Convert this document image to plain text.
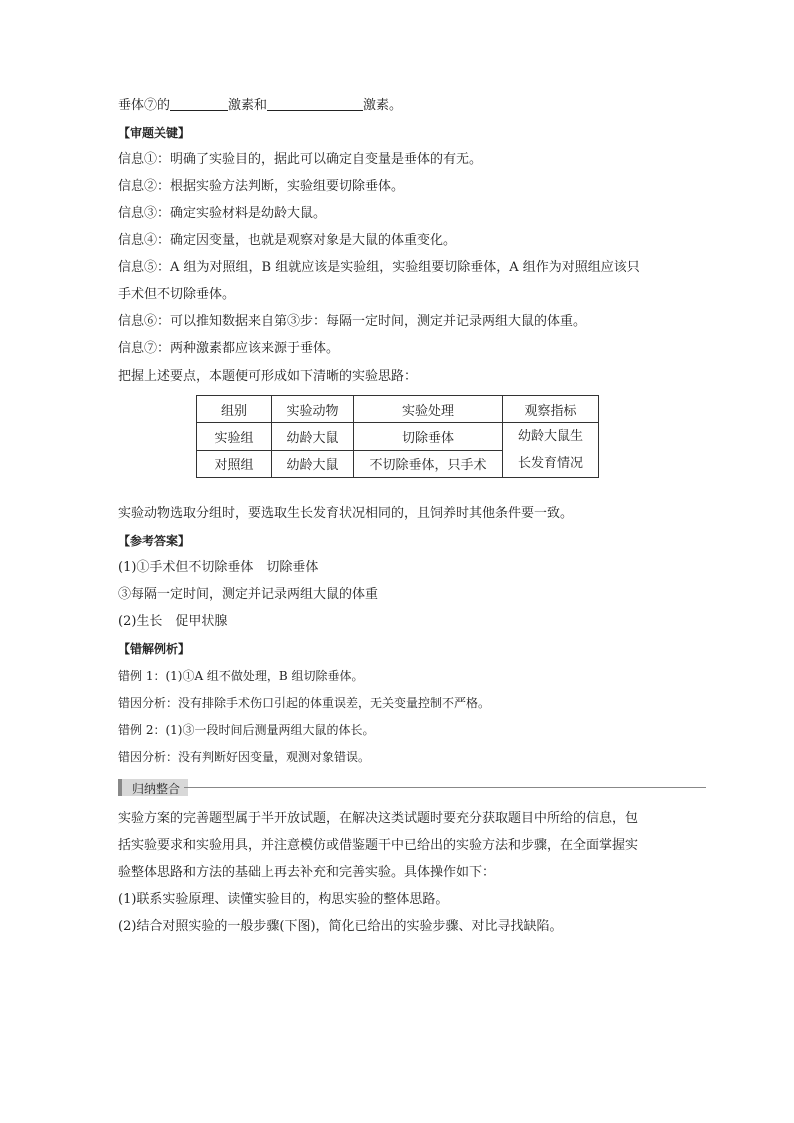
垂体⑦的	激素和	激素。
【审题关键】
信息①：明确了实验目的，据此可以确定自变量是垂体的有无。
信息②：根据实验方法判断，实验组要切除垂体。
信息③：确定实验材料是幼龄大鼠。
信息④：确定因变量，也就是观察对象是大鼠的体重变化。
信息⑤：A 组为对照组，B 组就应该是实验组，实验组要切除垂体，A 组作为对照组应该只
手术但不切除垂体。
信息⑥：可以推知数据来自第③步：每隔一定时间，测定并记录两组大鼠的体重。
信息⑦：两种激素都应该来源于垂体。
把握上述要点，本题便可形成如下清晰的实验思路：
组别	实验动物	实验处理	观察指标
实验组	幼龄大鼠	切除垂体	幼龄大鼠生
长发育情况

对照组	幼龄大鼠	不切除垂体，只手术	
实验动物选取分组时，要选取生长发育状况相同的，且饲养时其他条件要一致。
【参考答案】
(1)①手术但不切除垂体　切除垂体
③每隔一定时间，测定并记录两组大鼠的体重
(2)生长　促甲状腺
【错解例析】
错例 1：(1)①A 组不做处理，B 组切除垂体。
错因分析：没有排除手术伤口引起的体重误差，无关变量控制不严格。
错例 2：(1)③一段时间后测量两组大鼠的体长。
错因分析：没有判断好因变量，观测对象错误。
归纳整合
实验方案的完善题型属于半开放试题，在解决这类试题时要充分获取题目中所给的信息，包
括实验要求和实验用具，并注意模仿或借鉴题干中已给出的实验方法和步骤，在全面掌握实
验整体思路和方法的基础上再去补充和完善实验。具体操作如下：
(1)联系实验原理、读懂实验目的，构思实验的整体思路。
(2)结合对照实验的一般步骤(下图)，简化已给出的实验步骤、对比寻找缺陷。
